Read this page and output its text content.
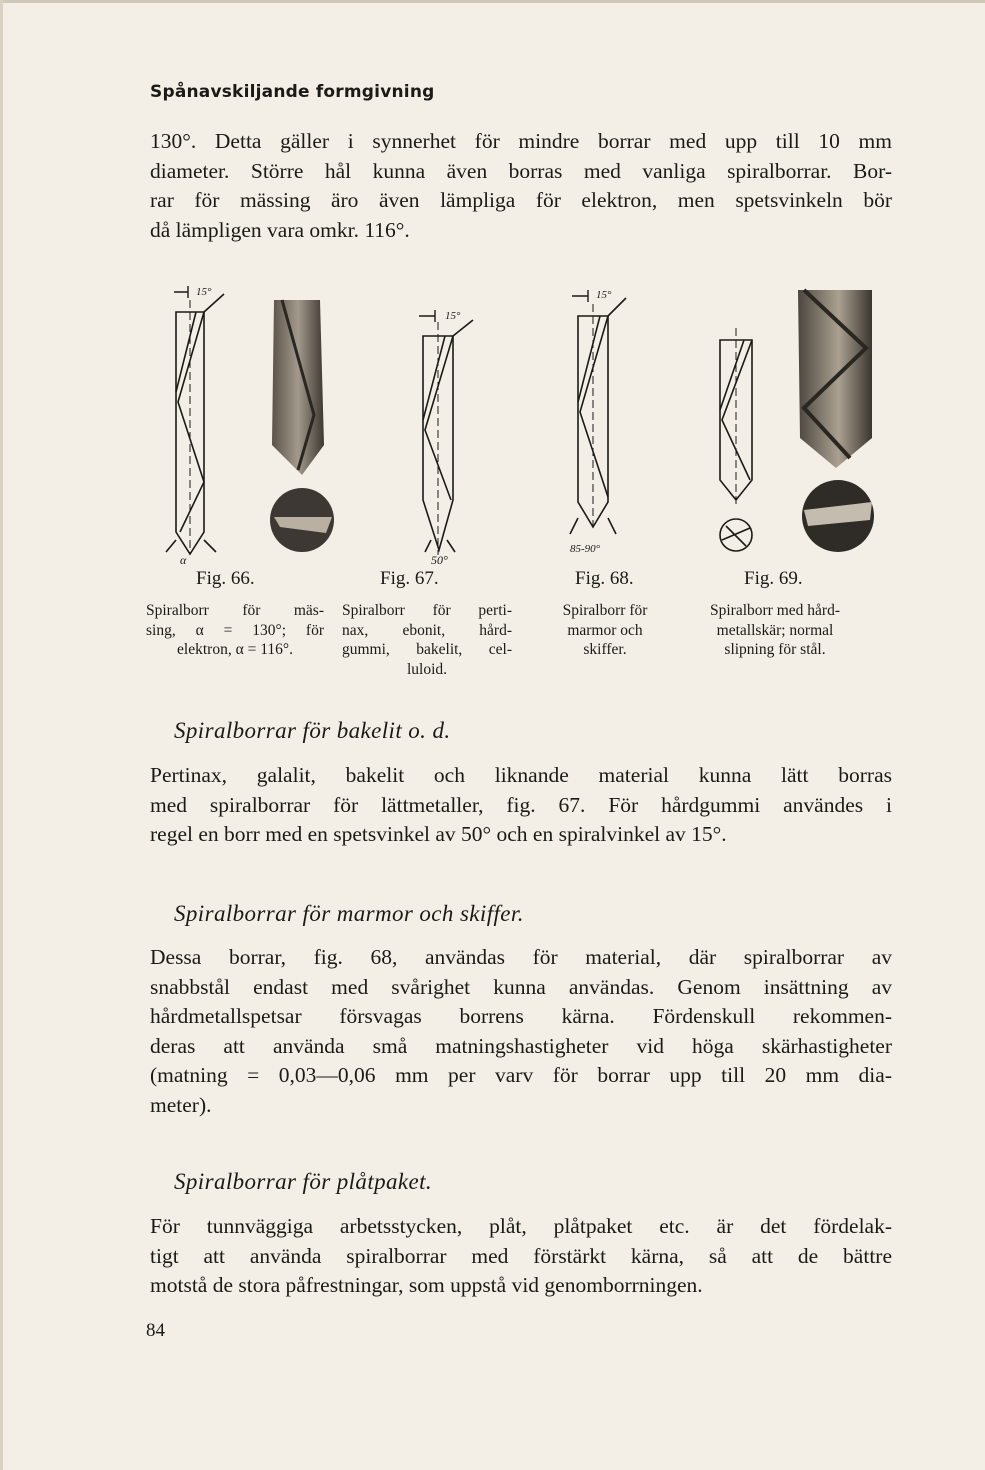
Spånavskiljande formgivning

130°. Detta gäller i synnerhet för mindre borrar med upp till 10 mm
diameter. Större hål kunna även borras med vanliga spiralborrar. Bor-
rar för mässing äro även lämpliga för elektron, men spetsvinkeln bör
då lämpligen vara omkr. 116°.

15°
α
Fig. 66.
Spiralborr för mäs-
sing, α = 130°; för
elektron, α = 116°.
15°
50°
Fig. 67.
Spiralborr för perti-
nax, ebonit, hård-
gummi, bakelit, cel-
luloid.
15°
85-90°
Fig. 68.
Spiralborr för
marmor och
skiffer.
Fig. 69.
Spiralborr med hård-
metallskär; normal
slipning för stål.
Spiralborrar för bakelit o. d.

Pertinax, galalit, bakelit och liknande material kunna lätt borras
med spiralborrar för lättmetaller, fig. 67. För hårdgummi användes i
regel en borr med en spetsvinkel av 50° och en spiralvinkel av 15°.

Spiralborrar för marmor och skiffer.

Dessa borrar, fig. 68, användas för material, där spiralborrar av
snabbstål endast med svårighet kunna användas. Genom insättning av
hårdmetallspetsar försvagas borrens kärna. Fördenskull rekommen-
deras att använda små matningshastigheter vid höga skärhastigheter
(matning = 0,03—0,06 mm per varv för borrar upp till 20 mm dia-
meter).

Spiralborrar för plåtpaket.

För tunnväggiga arbetsstycken, plåt, plåtpaket etc. är det fördelak-
tigt att använda spiralborrar med förstärkt kärna, så att de bättre
motstå de stora påfrestningar, som uppstå vid genomborrningen.

84
